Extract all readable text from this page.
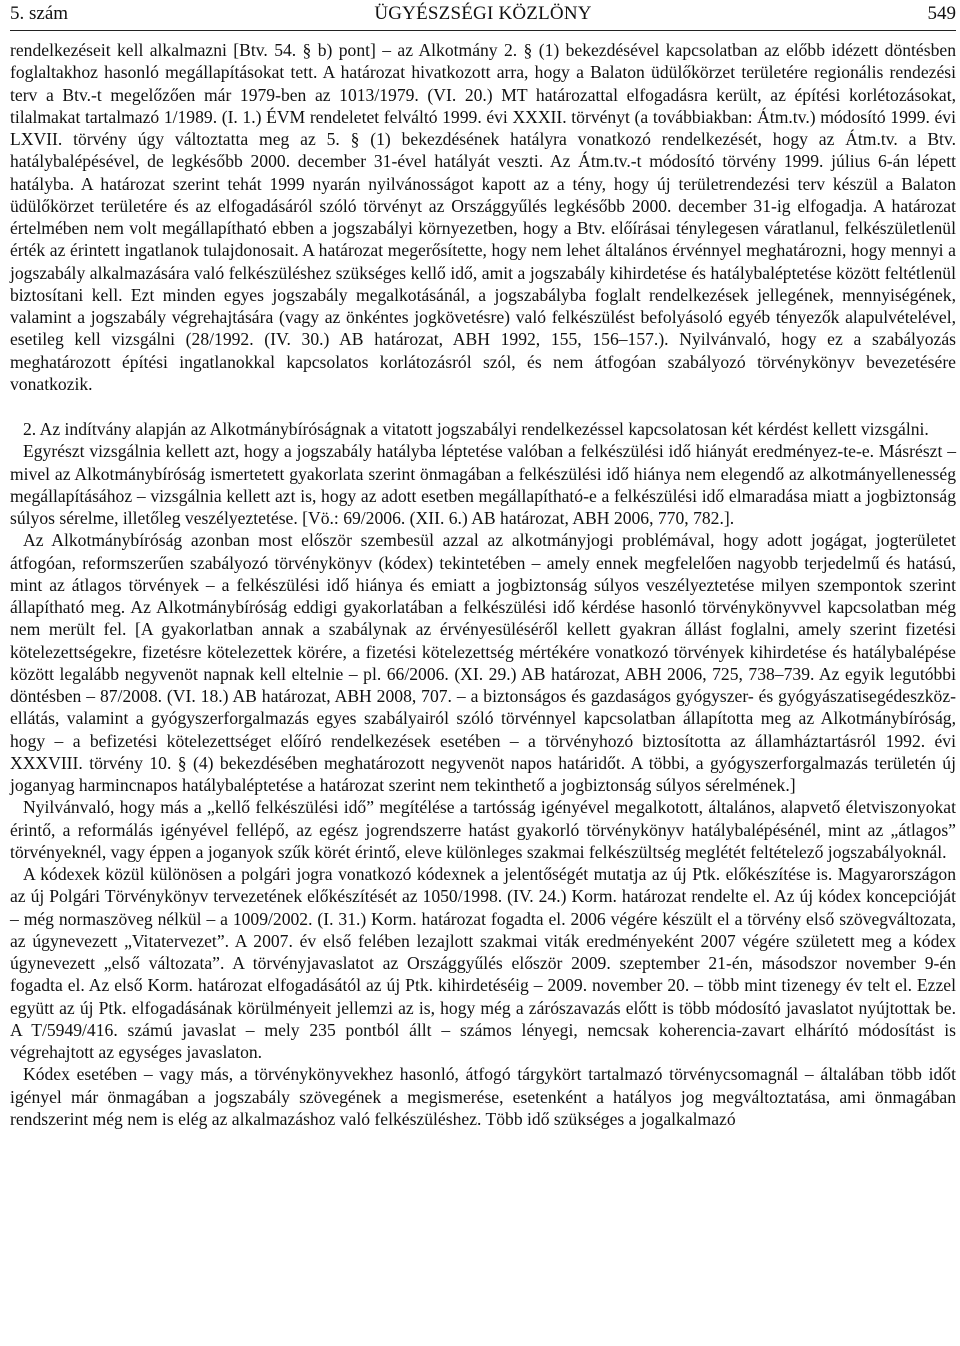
5. szám	ÜGYÉSZSÉGI KÖZLÖNY	549

rendelkezéseit kell alkalmazni [Btv. 54. § b) pont] – az Alkotmány 2. § (1) bekezdésével kapcsolatban az előbb idézett döntésben foglaltakhoz hasonló megállapításokat tett. A határozat hivatkozott arra, hogy a Balaton üdülőkörzet területére regionális rendezési terv a Btv.-t megelőzően már 1979-ben az 1013/1979. (VI. 20.) MT határozattal elfogadásra került, az építési korlétozásokat, tilalmakat tartalmazó 1/1989. (I. 1.) ÉVM rendeletet felváltó 1999. évi XXXII. törvényt (a továbbiakban: Átm.tv.) módosító 1999. évi LXVII. törvény úgy változtatta meg az 5. § (1) bekezdésének hatályra vonatkozó rendelkezését, hogy az Átm.tv. a Btv. hatálybalépésével, de legkésőbb 2000. december 31-ével hatályát veszti. Az Átm.tv.-t módosító törvény 1999. július 6-án lépett hatályba. A határozat szerint tehát 1999 nyarán nyilvánosságot kapott az a tény, hogy új területrendezési terv készül a Balaton üdülőkörzet területére és az elfogadásáról szóló törvényt az Országgyűlés legkésőbb 2000. december 31-ig elfogadja. A határozat értelmében nem volt megállapítható ebben a jogszabályi környezetben, hogy a Btv. előírásai ténylegesen váratlanul, felkészületlenül érték az érintett ingatlanok tulajdonosait. A határozat megerősítette, hogy nem lehet általános érvénnyel meghatározni, hogy mennyi a jogszabály alkalmazására való felkészüléshez szükséges kellő idő, amit a jogszabály kihirdetése és hatálybaléptetése között feltétlenül biztosítani kell. Ezt minden egyes jogszabály megalkotásánál, a jogszabályba foglalt rendelkezések jellegének, mennyiségének, valamint a jogszabály végrehajtására (vagy az önkéntes jogkövetésre) való felkészülést befolyásoló egyéb tényezők alapulvételével, esetileg kell vizsgálni (28/1992. (IV. 30.) AB határozat, ABH 1992, 155, 156–157.). Nyilvánvaló, hogy ez a szabályozás meghatározott építési ingatlanokkal kapcsolatos korlátozásról szól, és nem átfogóan szabályozó törvénykönyv bevezetésére vonatkozik.

2. Az indítvány alapján az Alkotmánybíróságnak a vitatott jogszabályi rendelkezéssel kapcsolatosan két kérdést kellett vizsgálni.

Egyrészt vizsgálnia kellett azt, hogy a jogszabály hatályba léptetése valóban a felkészülési idő hiányát eredményez-te-e. Másrészt – mivel az Alkotmánybíróság ismertetett gyakorlata szerint önmagában a felkészülési idő hiánya nem elegendő az alkotmányellenesség megállapításához – vizsgálnia kellett azt is, hogy az adott esetben megállapítható-e a felkészülési idő elmaradása miatt a jogbiztonság súlyos sérelme, illetőleg veszélyeztetése. [Vö.: 69/2006. (XII. 6.) AB határozat, ABH 2006, 770, 782.].

Az Alkotmánybíróság azonban most először szembesül azzal az alkotmányjogi problémával, hogy adott jogágat, jogterületet átfogóan, reformszerűen szabályozó törvénykönyv (kódex) tekintetében – amely ennek megfelelően nagyobb terjedelmű és hatású, mint az átlagos törvények – a felkészülési idő hiánya és emiatt a jogbiztonság súlyos veszélyeztetése milyen szempontok szerint állapítható meg. Az Alkotmánybíróság eddigi gyakorlatában a felkészülési idő kérdése hasonló törvénykönyvvel kapcsolatban még nem merült fel. [A gyakorlatban annak a szabálynak az érvényesüléséről kellett gyakran állást foglalni, amely szerint fizetési kötelezettségekre, fizetésre kötelezettek körére, a fizetési kötelezettség mértékére vonatkozó törvények kihirdetése és hatálybalépése között legalább negyvenöt napnak kell eltelnie – pl. 66/2006. (XI. 29.) AB határozat, ABH 2006, 725, 738–739. Az egyik legutóbbi döntésben – 87/2008. (VI. 18.) AB határozat, ABH 2008, 707. – a biztonságos és gazdaságos gyógyszer- és gyógyászatisegédeszköz-ellátás, valamint a gyógyszerforgalmazás egyes szabályairól szóló törvénnyel kapcsolatban állapította meg az Alkotmánybíróság, hogy – a befizetési kötelezettséget előíró rendelkezések esetében – a törvényhozó biztosította az államháztartásról 1992. évi XXXVIII. törvény 10. § (4) bekezdésében meghatározott negyvenöt napos határidőt. A többi, a gyógyszerforgalmazás területén új joganyag harmincnapos hatálybaléptetése a határozat szerint nem tekinthető a jogbiztonság súlyos sérelmének.]

Nyilvánvaló, hogy más a „kellő felkészülési idő” megítélése a tartósság igényével megalkotott, általános, alapvető életviszonyokat érintő, a reformálás igényével fellépő, az egész jogrendszerre hatást gyakorló törvénykönyv hatálybalépésénél, mint az „átlagos” törvényeknél, vagy éppen a joganyok szűk körét érintő, eleve különleges szakmai felkészültség meglétét feltételező jogszabályoknál.

A kódexek közül különösen a polgári jogra vonatkozó kódexnek a jelentőségét mutatja az új Ptk. előkészítése is. Magyarországon az új Polgári Törvénykönyv tervezetének előkészítését az 1050/1998. (IV. 24.) Korm. határozat rendelte el. Az új kódex koncepcióját – még normaszöveg nélkül – a 1009/2002. (I. 31.) Korm. határozat fogadta el. 2006 végére készült el a törvény első szövegváltozata, az úgynevezett „Vitatervezet”. A 2007. év első felében lezajlott szakmai viták eredményeként 2007 végére született meg a kódex úgynevezett „első változata”. A törvényjavaslatot az Országgyűlés először 2009. szeptember 21-én, másodszor november 9-én fogadta el. Az első Korm. határozat elfogadásától az új Ptk. kihirdetéséig – 2009. november 20. – több mint tizenegy év telt el. Ezzel együtt az új Ptk. elfogadásának körülményeit jellemzi az is, hogy még a zárószavazás előtt is több módosító javaslatot nyújtottak be. A T/5949/416. számú javaslat – mely 235 pontból állt – számos lényegi, nemcsak koherencia-zavart elhárító módosítást is végrehajtott az egységes javaslaton.

Kódex esetében – vagy más, a törvénykönyvekhez hasonló, átfogó tárgykört tartalmazó törvénycsomagnál – általában több időt igényel már önmagában a jogszabály szövegének a megismerése, esetenként a hatályos jog megváltoztatása, ami önmagában rendszerint még nem is elég az alkalmazáshoz való felkészüléshez. Több idő szükséges a jogalkalmazó
